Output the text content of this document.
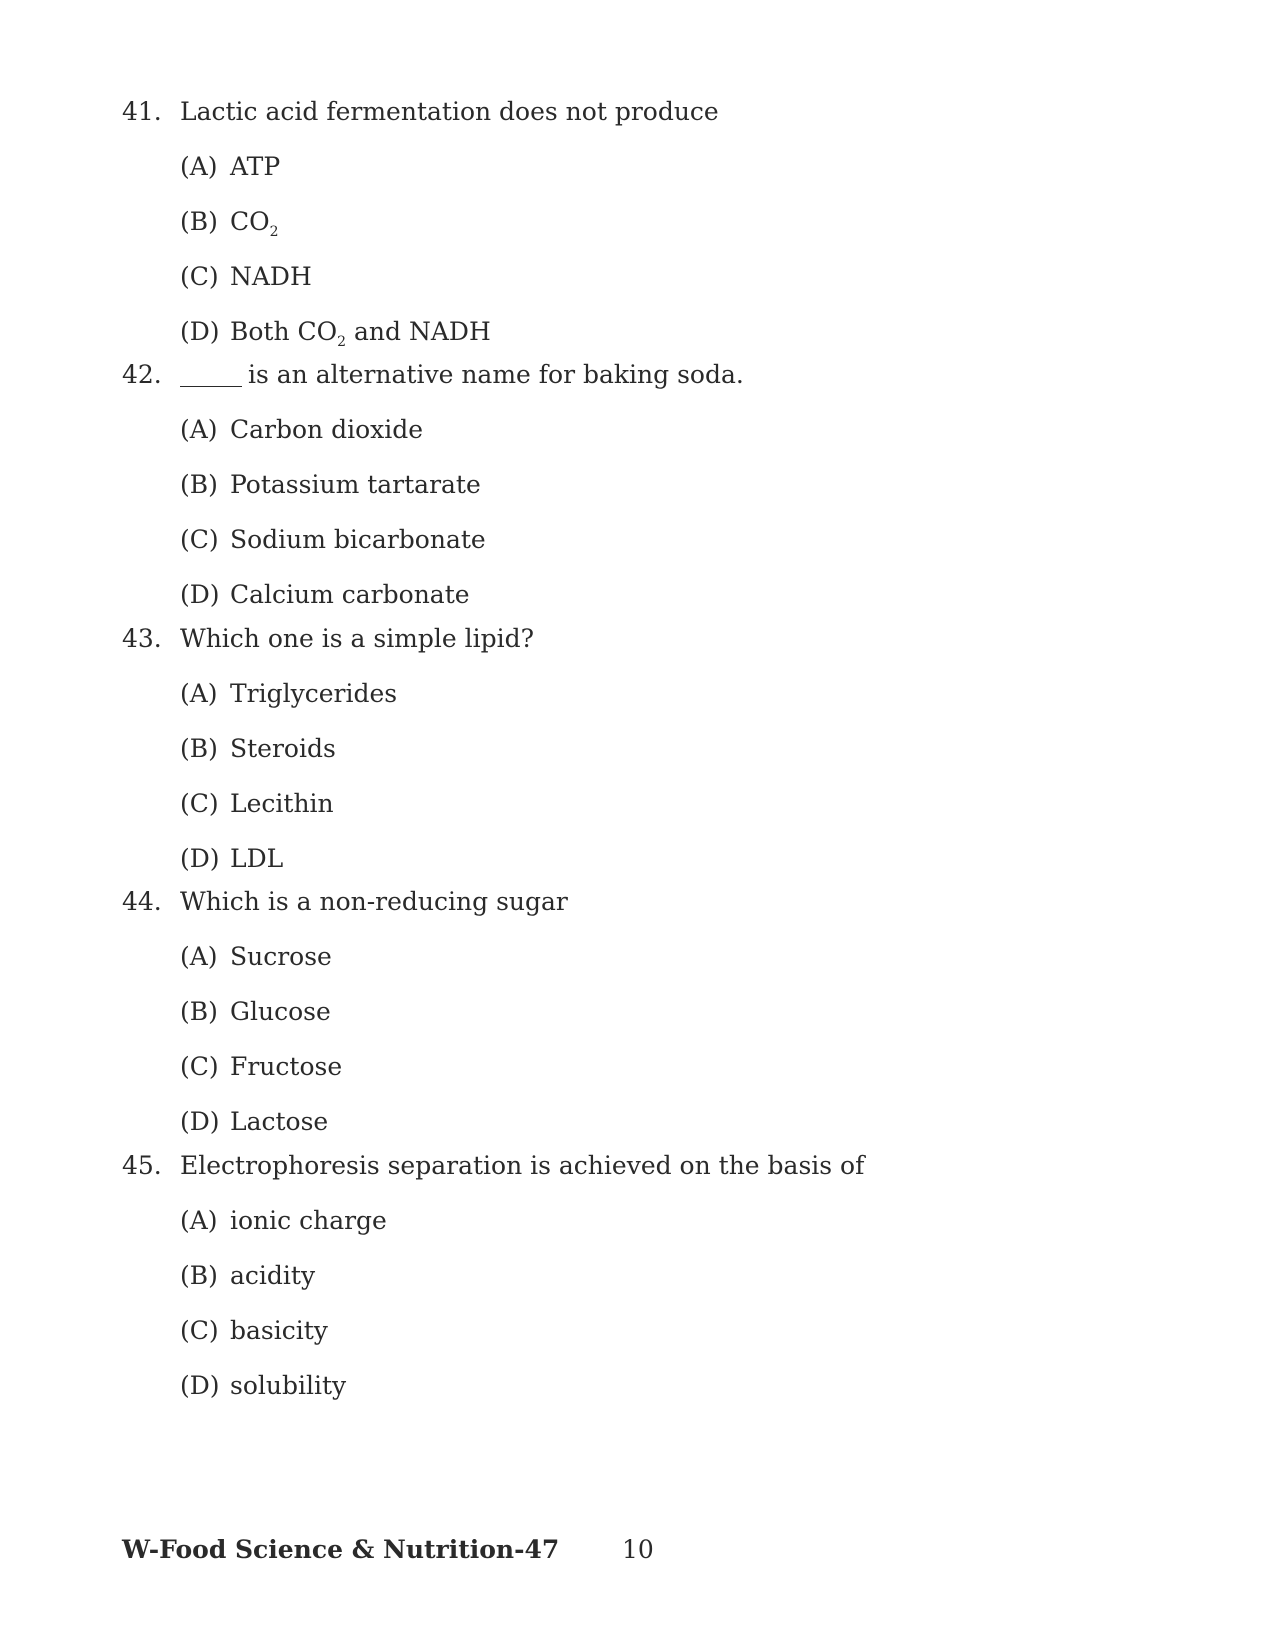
41. Lactic acid fermentation does not produce
(A) ATP
(B) $CO_2$
(C) NADH
(D) Both $CO_2$ and NADH
42.	is an alternative name for baking soda.
(A) Carbon dioxide
(B) Potassium tartarate
(C) Sodium bicarbonate
(D) Calcium carbonate
43. Which one is a simple lipid?
(A) Triglycerides
(B) Steroids
(C) Lecithin
(D) LDL
44. Which is a non-reducing sugar
(A) Sucrose
(B) Glucose
(C) Fructose
(D) Lactose
45. Electrophoresis separation is achieved on the basis of
(A) ionic charge
(B) acidity
(C) basicity
(D) solubility
W-Food Science & Nutrition-47	10
